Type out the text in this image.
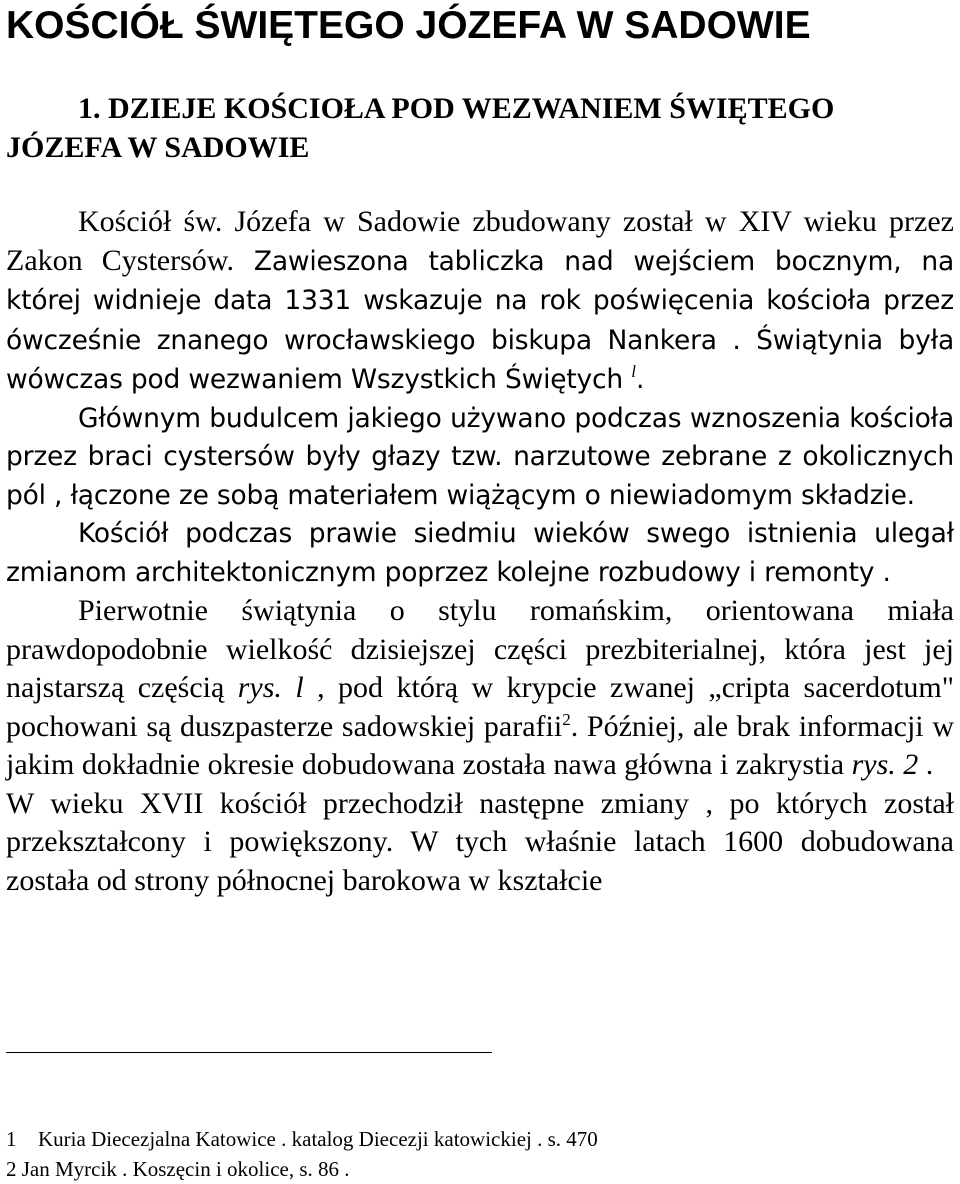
KOŚCIÓŁ ŚWIĘTEGO JÓZEFA W SADOWIE
1. DZIEJE KOŚCIOŁA POD WEZWANIEM ŚWIĘTEGO JÓZEFA W SADOWIE

Kościół św. Józefa w Sadowie zbudowany został w XIV wieku przez Zakon Cystersów. Zawieszona tabliczka nad wejściem bocznym, na której widnieje data 1331 wskazuje na rok poświęcenia kościoła przez ówcześnie znanego wrocławskiego biskupa Nankera . Świątynia była wówczas pod wezwaniem Wszystkich Świętych $^l$.

Głównym budulcem jakiego używano podczas wznoszenia kościoła przez braci cystersów były głazy tzw. narzutowe zebrane z okolicznych pól , łączone ze sobą materiałem wiążącym o niewiadomym składzie.

Kościół podczas prawie siedmiu wieków swego istnienia ulegał zmianom architektonicznym poprzez kolejne rozbudowy i remonty .

Pierwotnie świątynia o stylu romańskim, orientowana miała prawdopodobnie wielkość dzisiejszej części prezbiterialnej, która jest jej najstarszą częścią rys. l , pod którą w krypcie zwanej „cripta sacerdotum" pochowani są duszpasterze sadowskiej parafii$^2$. Później, ale brak informacji w jakim dokładnie okresie dobudowana została nawa główna i zakrystia rys. 2 .

W wieku XVII kościół przechodził następne zmiany , po których został przekształcony i powiększony. W tych właśnie latach 1600 dobudowana została od strony północnej barokowa w kształcie

1 Kuria Diecezjalna Katowice . katalog Diecezji katowickiej . s. 470
2 Jan Myrcik . Koszęcin i okolice, s. 86 .
